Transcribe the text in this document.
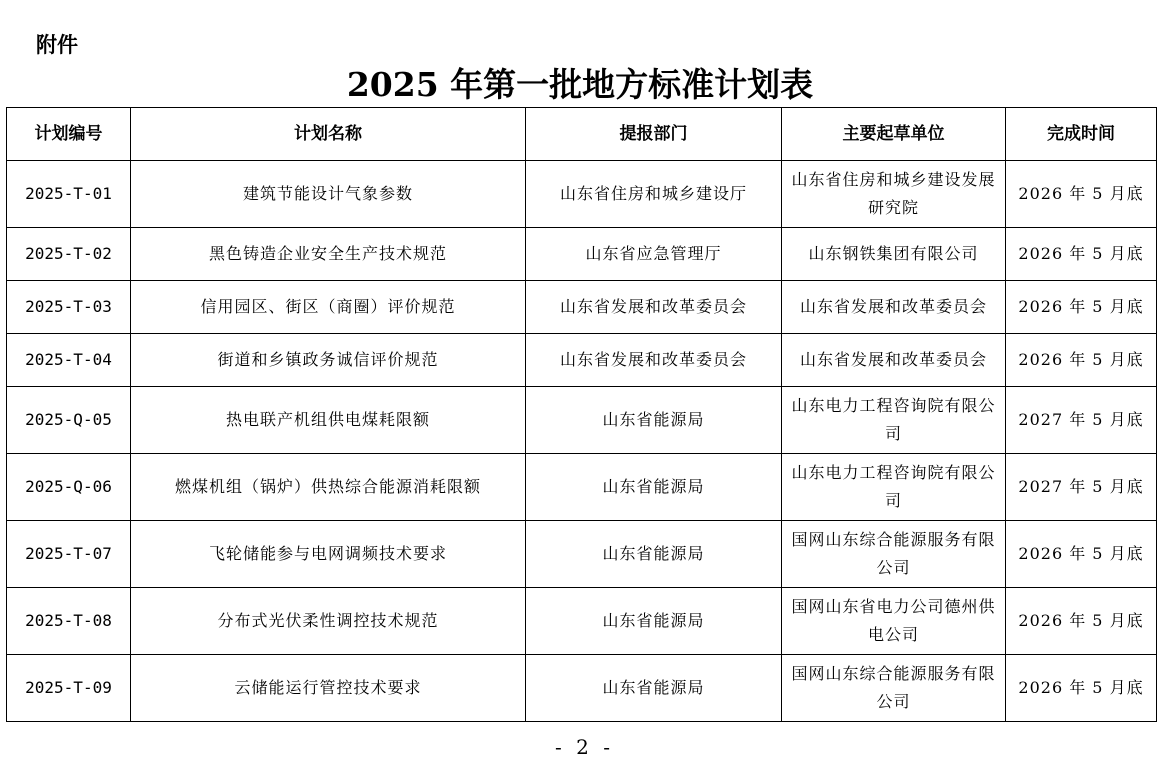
附件
2025 年第一批地方标准计划表
计划编号	计划名称	提报部门	主要起草单位	完成时间
2025-T-01	建筑节能设计气象参数	山东省住房和城乡建设厅	山东省住房和城乡建设发展研究院	2026 年 5 月底
2025-T-02	黑色铸造企业安全生产技术规范	山东省应急管理厅	山东钢铁集团有限公司	2026 年 5 月底
2025-T-03	信用园区、街区（商圈）评价规范	山东省发展和改革委员会	山东省发展和改革委员会	2026 年 5 月底
2025-T-04	街道和乡镇政务诚信评价规范	山东省发展和改革委员会	山东省发展和改革委员会	2026 年 5 月底
2025-Q-05	热电联产机组供电煤耗限额	山东省能源局	山东电力工程咨询院有限公司	2027 年 5 月底
2025-Q-06	燃煤机组（锅炉）供热综合能源消耗限额	山东省能源局	山东电力工程咨询院有限公司	2027 年 5 月底
2025-T-07	飞轮储能参与电网调频技术要求	山东省能源局	国网山东综合能源服务有限公司	2026 年 5 月底
2025-T-08	分布式光伏柔性调控技术规范	山东省能源局	国网山东省电力公司德州供电公司	2026 年 5 月底
2025-T-09	云储能运行管控技术要求	山东省能源局	国网山东综合能源服务有限公司	2026 年 5 月底
- 2 -
